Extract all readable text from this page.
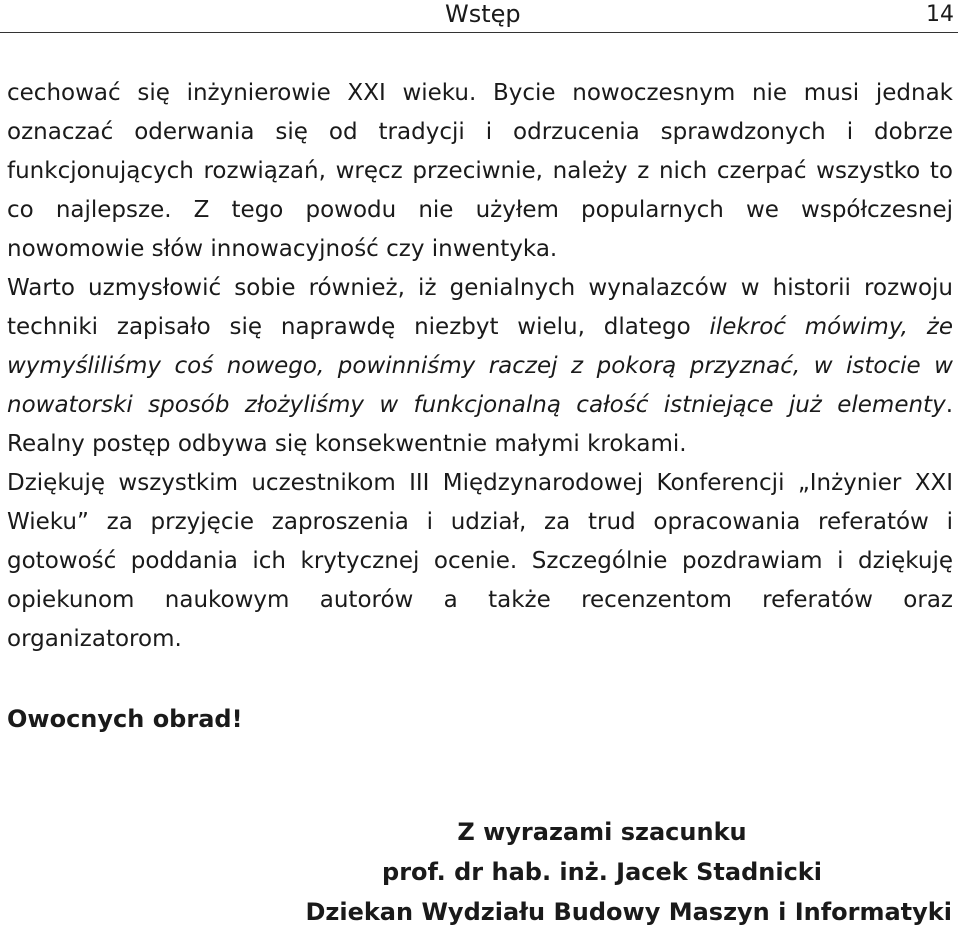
Wstęp	14

cechować się inżynierowie XXI wieku. Bycie nowoczesnym nie musi jednak oznaczać oderwania się od tradycji i odrzucenia sprawdzonych i dobrze funkcjonujących rozwiązań, wręcz przeciwnie, należy z nich czerpać wszystko to co najlepsze. Z tego powodu nie użyłem popularnych we współczesnej nowomowie słów innowacyjność czy inwentyka.

Warto uzmysłowić sobie również, iż genialnych wynalazców w historii rozwoju techniki zapisało się naprawdę niezbyt wielu, dlatego ilekroć mówimy, że wymyśliliśmy coś nowego, powinniśmy raczej z pokorą przyznać, w istocie w nowatorski sposób złożyliśmy w funkcjonalną całość istniejące już elementy. Realny postęp odbywa się konsekwentnie małymi krokami.

Dziękuję wszystkim uczestnikom III Międzynarodowej Konferencji „Inżynier XXI Wieku” za przyjęcie zaproszenia i udział, za trud opracowania referatów i gotowość poddania ich krytycznej ocenie. Szczególnie pozdrawiam i dziękuję opiekunom naukowym autorów a także recenzentom referatów oraz organizatorom.

Owocnych obrad!
Z wyrazami szacunku
prof. dr hab. inż. Jacek Stadnicki
Dziekan Wydziału Budowy Maszyn i Informatyki
